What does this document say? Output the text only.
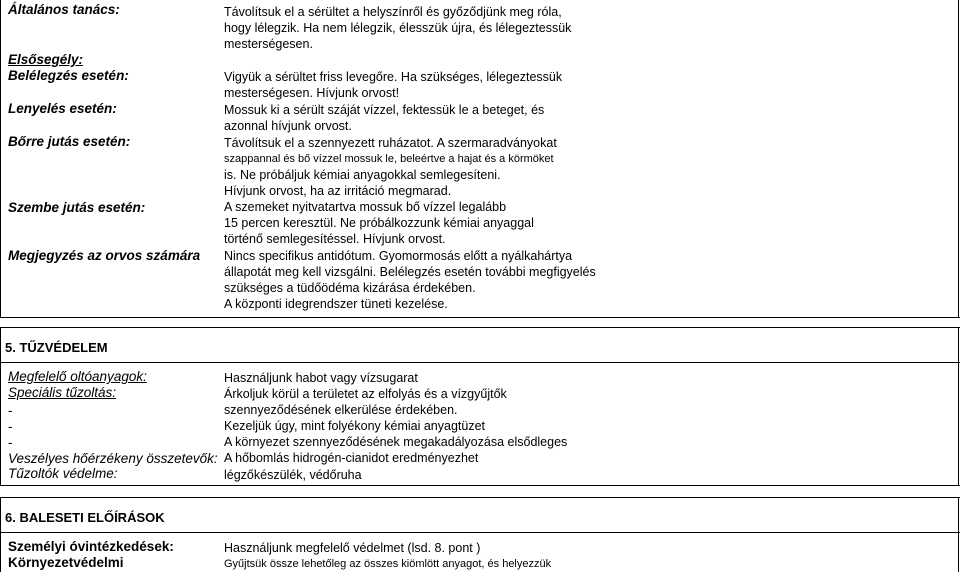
Általános tanács:
Elsősegély:
Belélegzés esetén:
Lenyelés esetén:
Bőrre jutás esetén:
Szembe jutás esetén:
Megjegyzés az orvos számára
Távolítsuk el a sérültet a helyszínről és győződjünk meg róla,
hogy lélegzik. Ha nem lélegzik, élesszük újra, és lélegeztessük
mesterségesen.
Vigyük a sérültet friss levegőre. Ha szükséges, lélegeztessük
mesterségesen. Hívjunk orvost!
Mossuk ki a sérült száját vízzel, fektessük le a beteget, és
azonnal hívjunk orvost.
Távolítsuk el a szennyezett ruházatot. A szermaradványokat
szappannal és bő vízzel mossuk le, beleértve a hajat és a körmöket
is. Ne próbáljuk kémiai anyagokkal semlegesíteni.
Hívjunk orvost, ha az irritáció megmarad.
A szemeket nyitvatartva mossuk bő vízzel legalább
15 percen keresztül. Ne próbálkozzunk kémiai anyaggal
történő semlegesítéssel. Hívjunk orvost.
Nincs specifikus antidótum. Gyomormosás előtt a nyálkahártya
állapotát meg kell vizsgálni. Belélegzés esetén további megfigyelés
szükséges a tüdőödéma kizárása érdekében.
A központi idegrendszer tüneti kezelése.
5. TŰZVÉDELEM
Megfelelő oltóanyagok:
Speciális tűzoltás:
-
-
-
Veszélyes hőérzékeny összetevők:
Tűzoltók védelme:
Használjunk habot vagy vízsugarat
Árkoljuk körül a területet az elfolyás és a vízgyűjtők
szennyeződésének elkerülése érdekében.
Kezeljük úgy, mint folyékony kémiai anyagtüzet
A környezet szennyeződésének megakadályozása elsődleges
A hőbomlás hidrogén-cianidot eredményezhet
légzőkészülék, védőruha
6. BALESETI ELŐÍRÁSOK
Személyi óvintézkedések:
Környezetvédelmi
Használjunk megfelelő védelmet (lsd. 8. pont )
Gyűjtsük össze lehetőleg az összes kiömlött anyagot, és helyezzük
